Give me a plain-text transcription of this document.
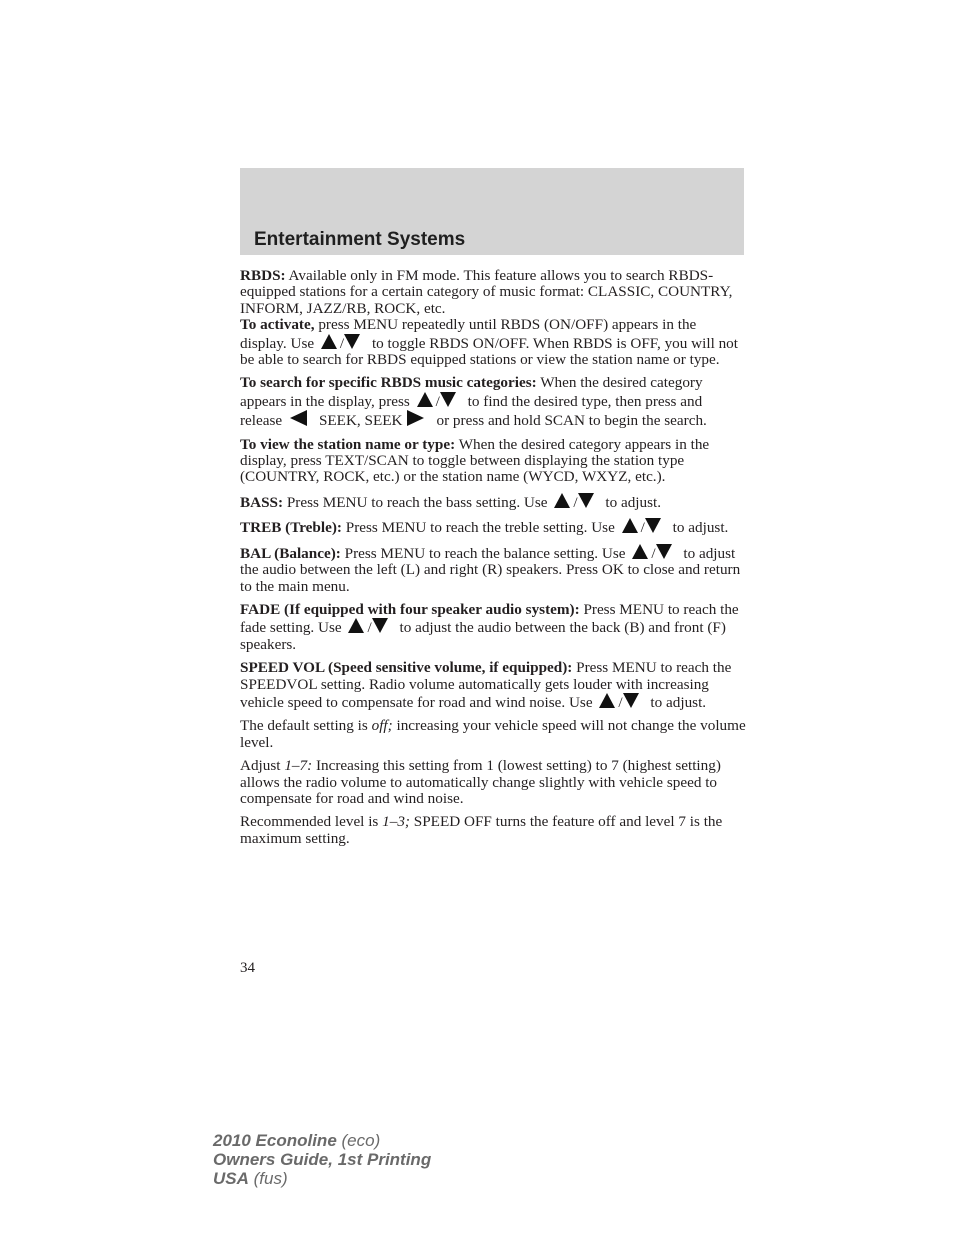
Entertainment Systems

RBDS: Available only in FM mode. This feature allows you to search RBDS-equipped stations for a certain category of music format: CLASSIC, COUNTRY, INFORM, JAZZ/RB, ROCK, etc.

To activate, press MENU repeatedly until RBDS (ON/OFF) appears in the display. Use / to toggle RBDS ON/OFF. When RBDS is OFF, you will not be able to search for RBDS equipped stations or view the station name or type.

To search for specific RBDS music categories: When the desired category appears in the display, press / to find the desired type, then press and release SEEK, SEEK or press and hold SCAN to begin the search.

To view the station name or type: When the desired category appears in the display, press TEXT/SCAN to toggle between displaying the station type (COUNTRY, ROCK, etc.) or the station name (WYCD, WXYZ, etc.).

BASS: Press MENU to reach the bass setting. Use / to adjust.

TREB (Treble): Press MENU to reach the treble setting. Use / to adjust.

BAL (Balance): Press MENU to reach the balance setting. Use / to adjust the audio between the left (L) and right (R) speakers. Press OK to close and return to the main menu.

FADE (If equipped with four speaker audio system): Press MENU to reach the fade setting. Use / to adjust the audio between the back (B) and front (F) speakers.

SPEED VOL (Speed sensitive volume, if equipped): Press MENU to reach the SPEEDVOL setting. Radio volume automatically gets louder with increasing vehicle speed to compensate for road and wind noise. Use / to adjust.

The default setting is off; increasing your vehicle speed will not change the volume level.

Adjust 1–7: Increasing this setting from 1 (lowest setting) to 7 (highest setting) allows the radio volume to automatically change slightly with vehicle speed to compensate for road and wind noise.

Recommended level is 1–3; SPEED OFF turns the feature off and level 7 is the maximum setting.

34
2010 Econoline (eco)
Owners Guide, 1st Printing
USA (fus)
